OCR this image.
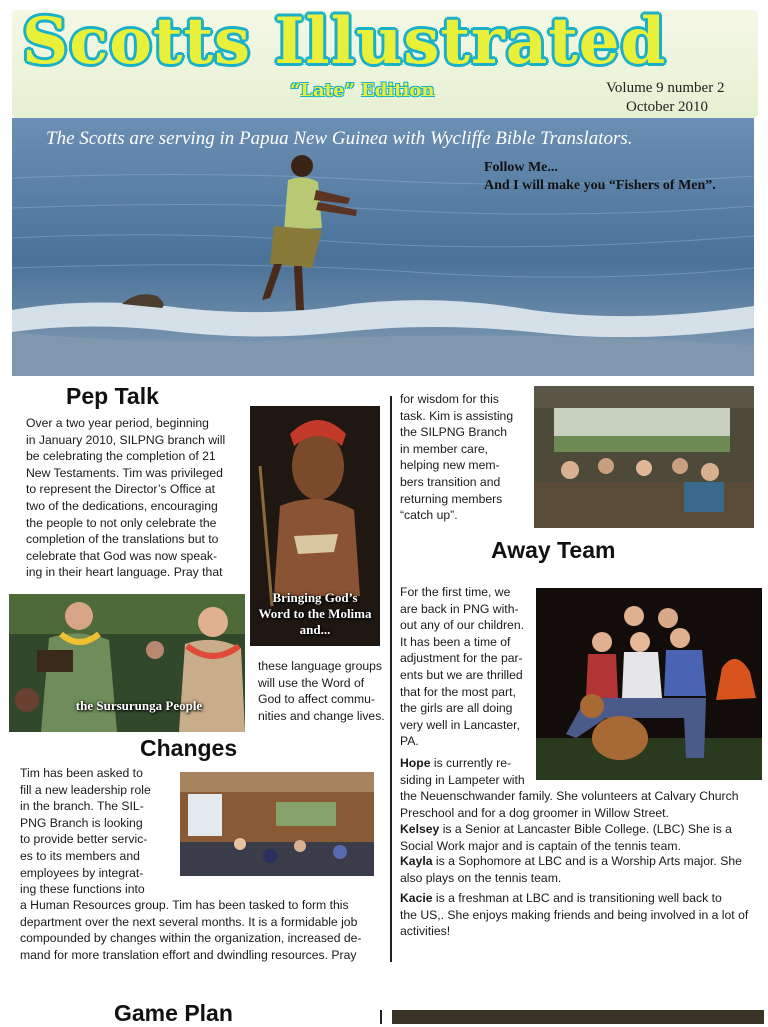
Scotts Illustrated
“Late” Edition	Volume 9 number 2
October 2010
The Scotts are serving in Papua New Guinea with Wycliffe Bible Translators.
Follow Me...
And I will make you “Fishers of Men”.
Pep Talk
Over a two year period, beginning
in January 2010, SILPNG branch will
be celebrating the completion of 21
New Testaments. Tim was privileged
to represent the Director’s Office at
two of the dedications, encouraging
the people to not only celebrate the
completion of the translations but to
celebrate that God was now speak-
ing in their heart language. Pray that
Bringing God’s Word to the Molima and...
the Sursurunga People
these language groups
will use the Word of
God to affect commu-
nities and change lives.
Changes
Tim has been asked to
fill a new leadership role
in the branch. The SIL-
PNG Branch is looking
to provide better servic-
es to its members and
employees by integrat-
ing these functions into
a Human Resources group. Tim has been tasked to form this
department over the next several months. It is a formidable job
compounded by changes within the organization, increased de-
mand for more translation effort and dwindling resources. Pray
for wisdom for this
task. Kim is assisting
the SILPNG Branch
in member care,
helping new mem-
bers transition and
returning members
“catch up”.
Away Team
For the first time, we
are back in PNG with-
out any of our children.
It has been a time of
adjustment for the par-
ents but we are thrilled
that for the most part,
the girls are all doing
very well in Lancaster,
PA.
Hope is currently re-
siding in Lampeter with
the Neuenschwander family. She volunteers at Calvary Church
Preschool and for a dog groomer in Willow Street.
Kelsey is a Senior at Lancaster Bible College. (LBC) She is a
Social Work major and is captain of the tennis team.
Kayla is a Sophomore at LBC and is a Worship Arts major. She
also plays on the tennis team.
Kacie is a freshman at LBC and is transitioning well back to
the US,. She enjoys making friends and being involved in a lot of
activities!
Game Plan
